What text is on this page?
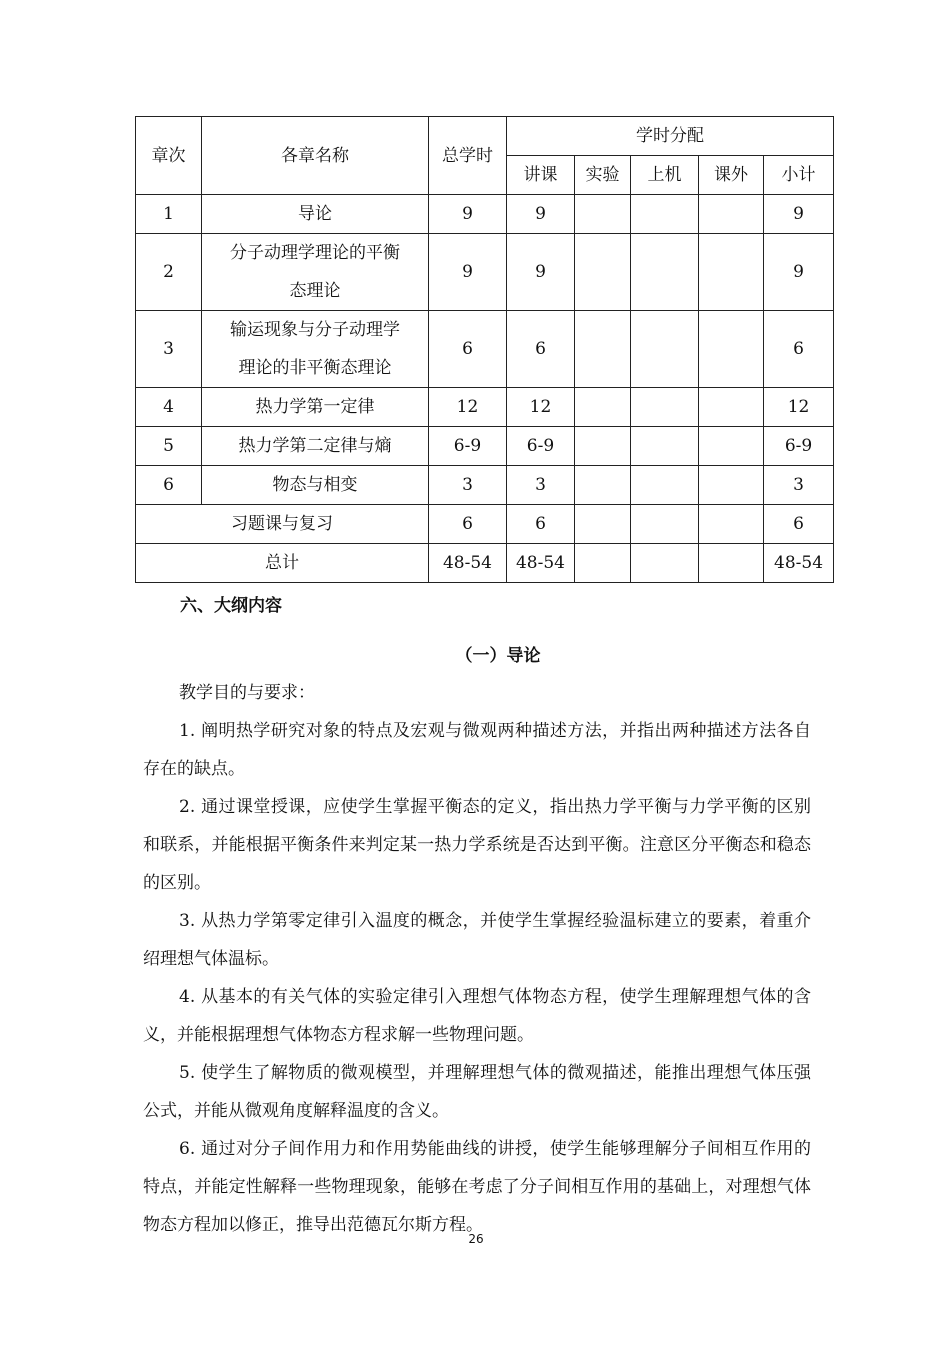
章次	各章名称	总学时	学时分配				
			讲课	实验	上机	课外	小计
1	导论	9	9				9
2	分子动理学理论的平衡
态理论	9	9				9
3	输运现象与分子动理学
理论的非平衡态理论	6	6				6
4	热力学第一定律	12	12				12
5	热力学第二定律与熵	6-9	6-9				6-9
6	物态与相变	3	3				3
习题课与复习		6	6				6
总计		48-54	48-54				48-54
六、大纲内容
（一）导论

教学目的与要求：

1. 阐明热学研究对象的特点及宏观与微观两种描述方法，并指出两种描述方法各自存在的缺点。

2. 通过课堂授课，应使学生掌握平衡态的定义，指出热力学平衡与力学平衡的区别和联系，并能根据平衡条件来判定某一热力学系统是否达到平衡。注意区分平衡态和稳态的区别。

3. 从热力学第零定律引入温度的概念，并使学生掌握经验温标建立的要素，着重介绍理想气体温标。

4. 从基本的有关气体的实验定律引入理想气体物态方程，使学生理解理想气体的含义，并能根据理想气体物态方程求解一些物理问题。

5. 使学生了解物质的微观模型，并理解理想气体的微观描述，能推出理想气体压强公式，并能从微观角度解释温度的含义。

6. 通过对分子间作用力和作用势能曲线的讲授，使学生能够理解分子间相互作用的特点，并能定性解释一些物理现象，能够在考虑了分子间相互作用的基础上，对理想气体物态方程加以修正，推导出范德瓦尔斯方程。

26
